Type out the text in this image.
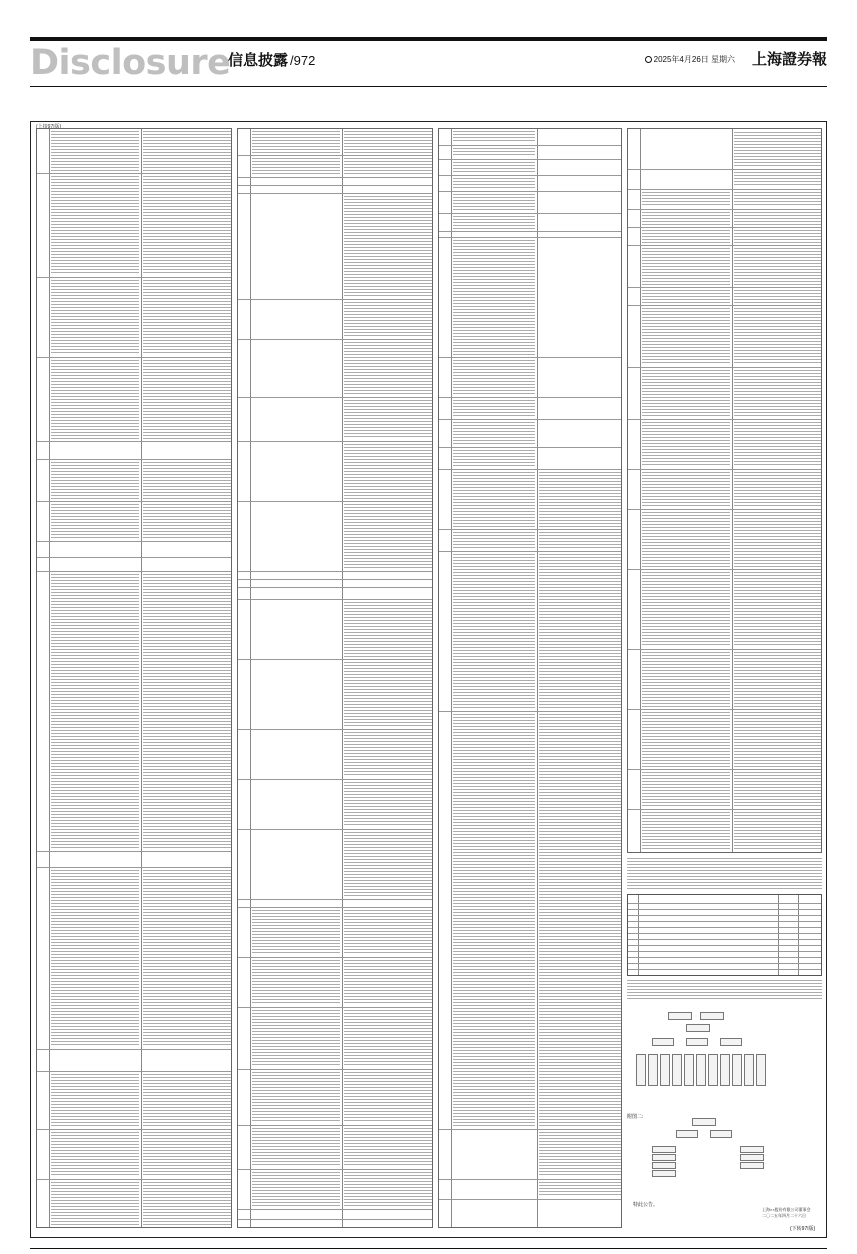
Disclosure
信息披露 /972	2025年4月26日 星期六 上海證券報
(上接97I版)
附图二:
特此公告。
上海××股份有限公司董事会
二〇二五年四月二十六日
(下转97I版)
